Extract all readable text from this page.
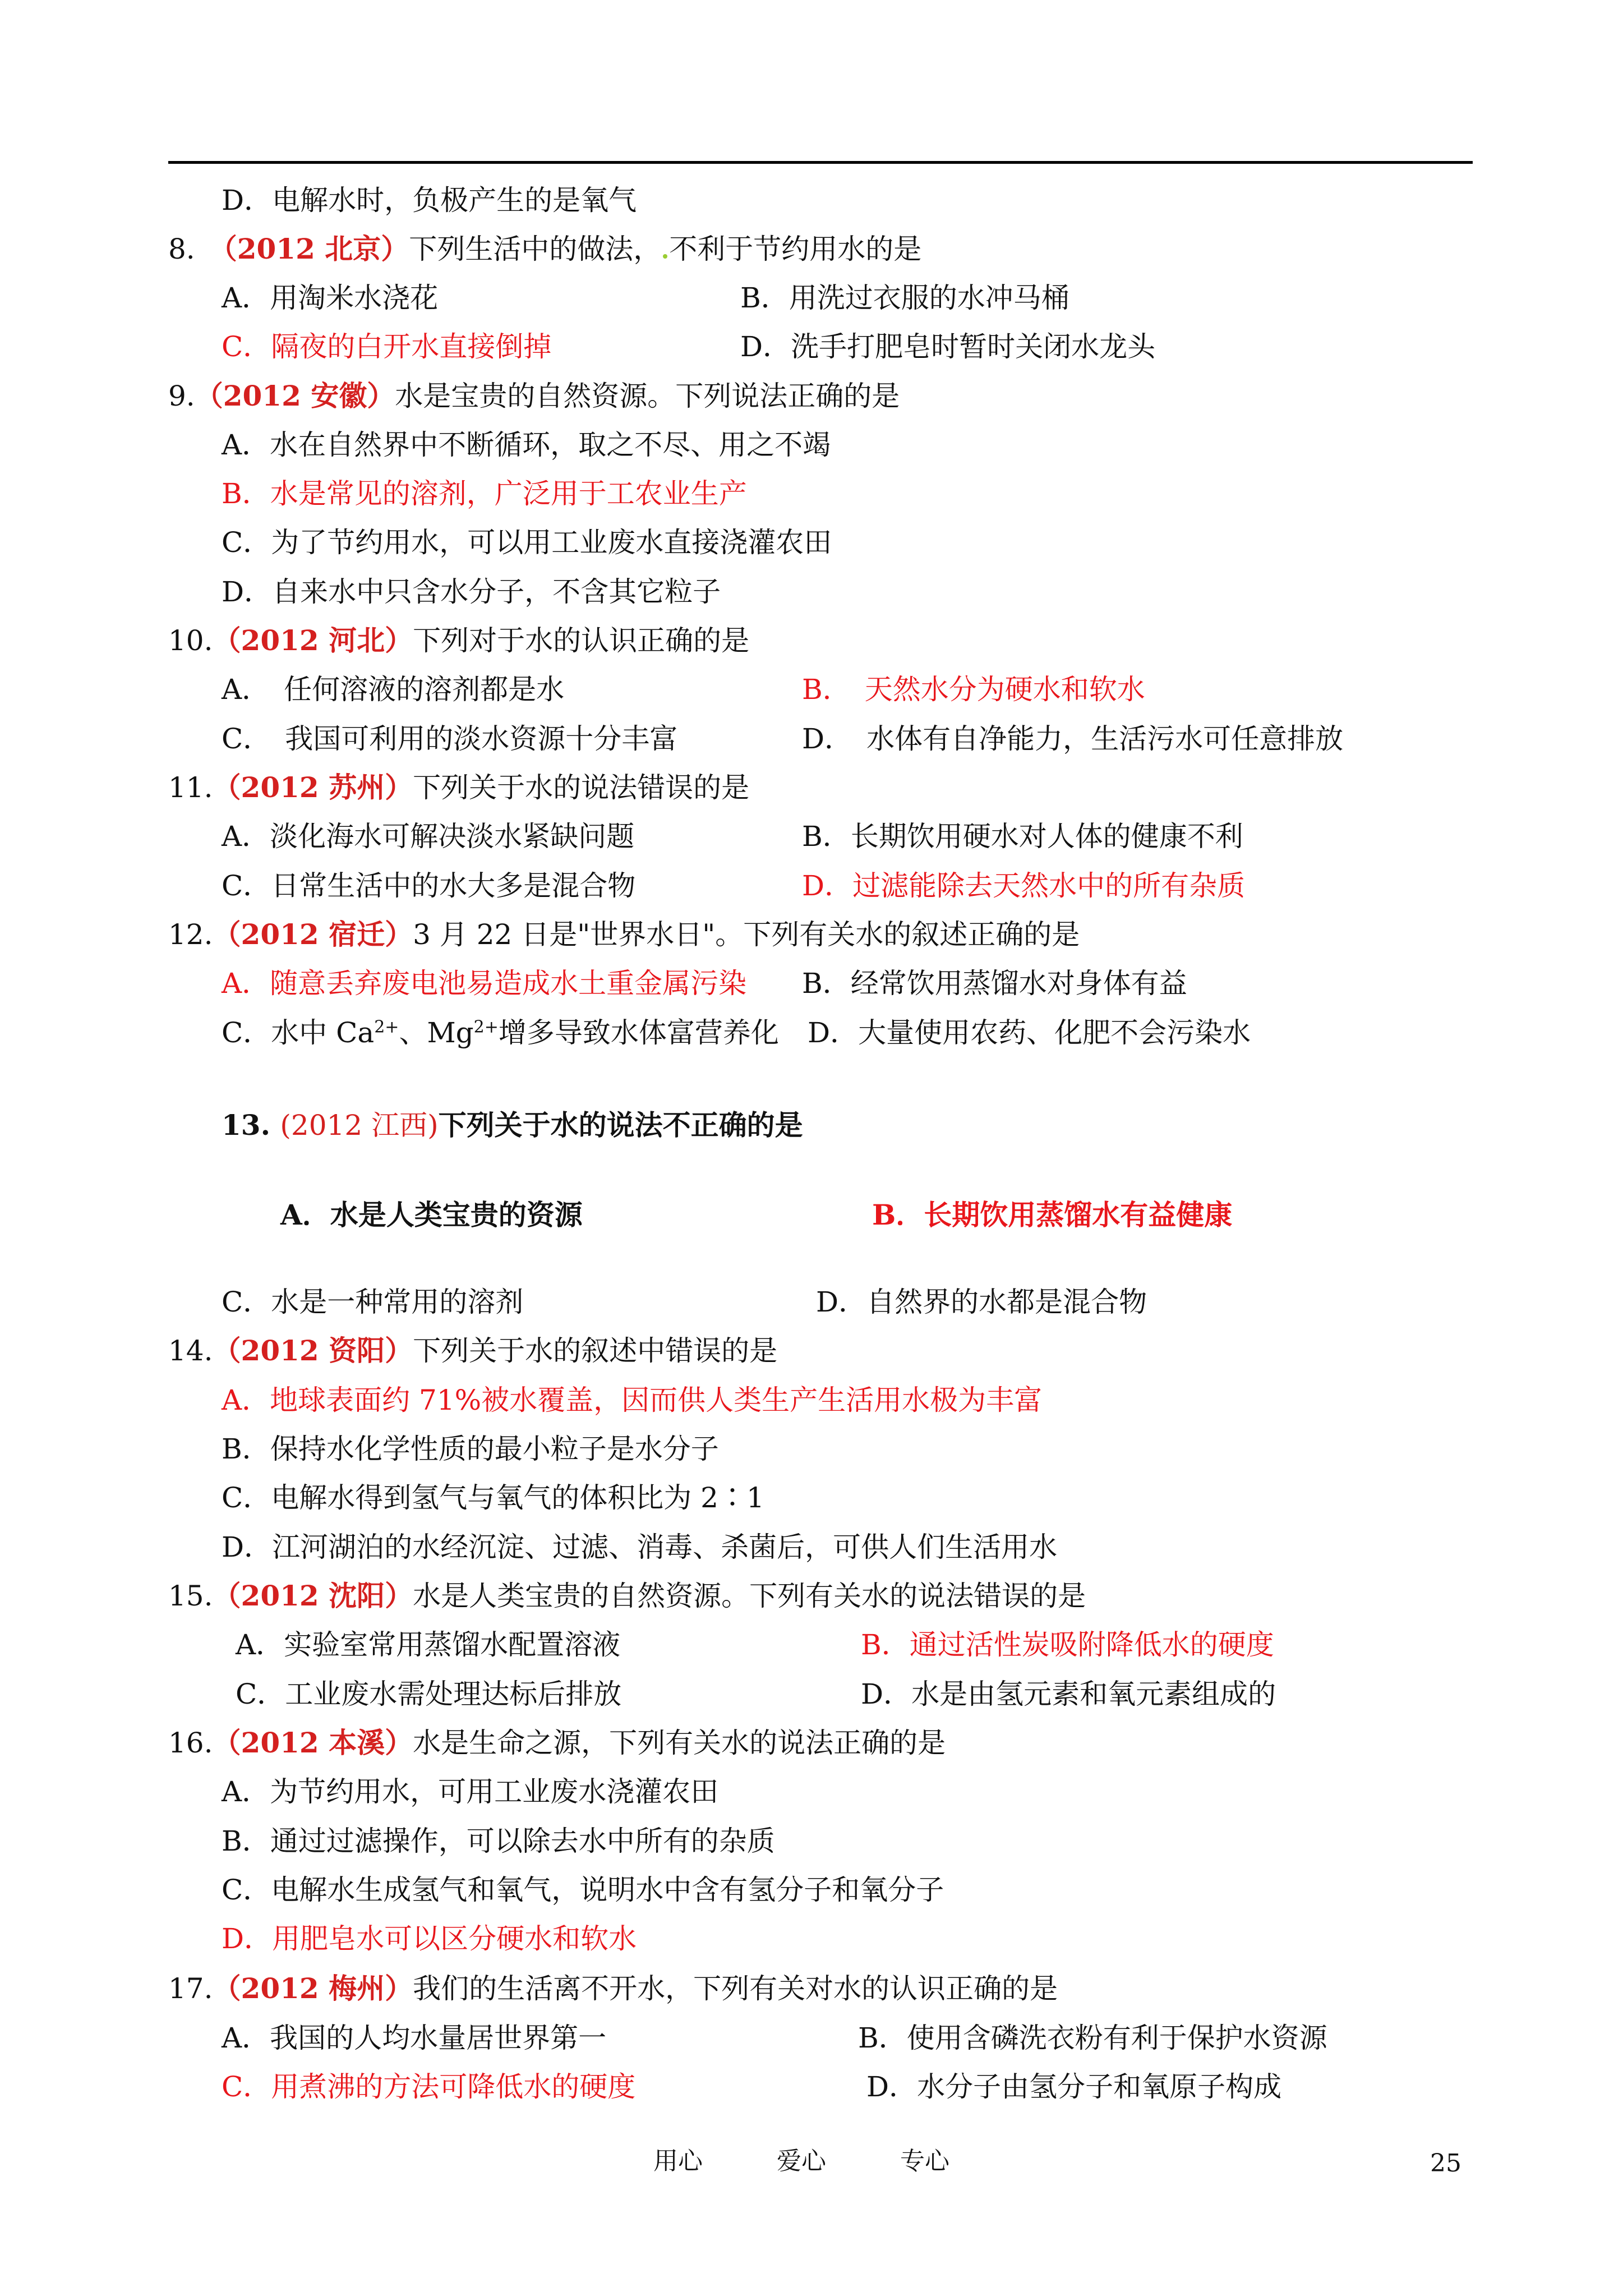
D．电解水时，负极产生的是氧气
8.　 （2012 北京）下列生活中的做法， 不利于节约用水的是
A．用淘米水浇花	B．用洗过衣服的水冲马桶
C．隔夜的白开水直接倒掉	D．洗手打肥皂时暂时关闭水龙头
9.（2012 安徽）水是宝贵的自然资源。下列说法正确的是
A．水在自然界中不断循环，取之不尽、用之不竭
B．水是常见的溶剂，广泛用于工农业生产
C．为了节约用水，可以用工业废水直接浇灌农田
D．自来水中只含水分子，不含其它粒子
10.（2012 河北）下列对于水的认识正确的是
A．　任何溶液的溶剂都是水	B．　天然水分为硬水和软水
C．　我国可利用的淡水资源十分丰富	D．　水体有自净能力，生活污水可任意排放
11.（2012 苏州）下列关于水的说法错误的是
A．淡化海水可解决淡水紧缺问题	B．长期饮用硬水对人体的健康不利
C．日常生活中的水大多是混合物	D．过滤能除去天然水中的所有杂质
12.（2012 宿迁）3 月 22 日是"世界水日"。下列有关水的叙述正确的是
A．随意丢弃废电池易造成水土重金属污染 B．经常饮用蒸馏水对身体有益
C．水中 $Ca^{2+}$、$Mg^{2+}$增多导致水体富营养化 D．大量使用农药、化肥不会污染水
13. (2012 江西)下列关于水的说法不正确的是
A．水是人类宝贵的资源	B．长期饮用蒸馏水有益健康
C．水是一种常用的溶剂	D．自然界的水都是混合物
14.（2012 资阳）下列关于水的叙述中错误的是
A．地球表面约 71%被水覆盖，因而供人类生产生活用水极为丰富
B．保持水化学性质的最小粒子是水分子
C．电解水得到氢气与氧气的体积比为 2∶1
D．江河湖泊的水经沉淀、过滤、消毒、杀菌后，可供人们生活用水
15.（2012 沈阳）水是人类宝贵的自然资源。下列有关水的说法错误的是
A．实验室常用蒸馏水配置溶液	B．通过活性炭吸附降低水的硬度
C．工业废水需处理达标后排放	D．水是由氢元素和氧元素组成的
16.（2012 本溪）水是生命之源，下列有关水的说法正确的是
A．为节约用水，可用工业废水浇灌农田
B．通过过滤操作，可以除去水中所有的杂质
C．电解水生成氢气和氧气，说明水中含有氢分子和氧分子
D．用肥皂水可以区分硬水和软水
17.（2012 梅州）我们的生活离不开水，下列有关对水的认识正确的是
A．我国的人均水量居世界第一	B．使用含磷洗衣粉有利于保护水资源
C．用煮沸的方法可降低水的硬度	D．水分子由氢分子和氧原子构成
用心　　　爱心　　　专心	25
